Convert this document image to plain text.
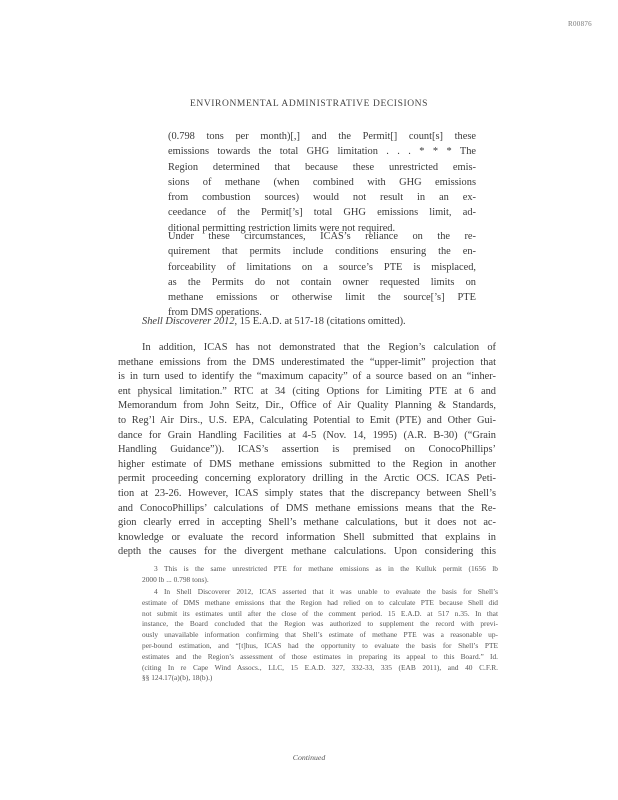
R00876
ENVIRONMENTAL ADMINISTRATIVE DECISIONS

(0.798 tons per month)[,] and the Permit[] count[s] these

emissions towards the total GHG limitation . . . * * * The

Region determined that because these unrestricted emis-

sions of methane (when combined with GHG emissions

from combustion sources) would not result in an ex-

ceedance of the Permit[’s] total GHG emissions limit, ad-

ditional permitting restriction limits were not required.

Under these circumstances, ICAS’s reliance on the re-

quirement that permits include conditions ensuring the en-

forceability of limitations on a source’s PTE is misplaced,

as the Permits do not contain owner requested limits on

methane emissions or otherwise limit the source[’s] PTE

from DMS operations.

Shell Discoverer 2012, 15 E.A.D. at 517-18 (citations omitted).

In addition, ICAS has not demonstrated that the Region’s calculation of

methane emissions from the DMS underestimated the “upper-limit” projection that

is in turn used to identify the “maximum capacity” of a source based on an “inher-

ent physical limitation.” RTC at 34 (citing Options for Limiting PTE at 6 and

Memorandum from John Seitz, Dir., Office of Air Quality Planning & Standards,

to Reg’l Air Dirs., U.S. EPA, Calculating Potential to Emit (PTE) and Other Gui-

dance for Grain Handling Facilities at 4-5 (Nov. 14, 1995) (A.R. B-30) (“Grain

Handling Guidance”)). ICAS’s assertion is premised on ConocoPhillips’

higher estimate of DMS methane emissions submitted to the Region in another

permit proceeding concerning exploratory drilling in the Arctic OCS. ICAS Peti-

tion at 23-26. However, ICAS simply states that the discrepancy between Shell’s

and ConocoPhillips’ calculations of DMS methane emissions means that the Re-

gion clearly erred in accepting Shell’s methane calculations, but it does not ac-

knowledge or evaluate the record information Shell submitted that explains in

depth the causes for the divergent methane calculations. Upon considering this

3 This is the same unrestricted PTE for methane emissions as in the Kulluk permit (1656 lb

2000 lb ... 0.798 tons).

4 In Shell Discoverer 2012, ICAS asserted that it was unable to evaluate the basis for Shell’s

estimate of DMS methane emissions that the Region had relied on to calculate PTE because Shell did

not submit its estimates until after the close of the comment period. 15 E.A.D. at 517 n.35. In that

instance, the Board concluded that the Region was authorized to supplement the record with previ-

ously unavailable information confirming that Shell’s estimate of methane PTE was a reasonable up-

per-bound estimation, and “[t]hus, ICAS had the opportunity to evaluate the basis for Shell’s PTE

estimates and the Region’s assessment of those estimates in preparing its appeal to this Board.” Id.

(citing In re Cape Wind Assocs., LLC, 15 E.A.D. 327, 332-33, 335 (EAB 2011), and 40 C.F.R.

§§ 124.17(a)(b), 18(b).)

Continued
